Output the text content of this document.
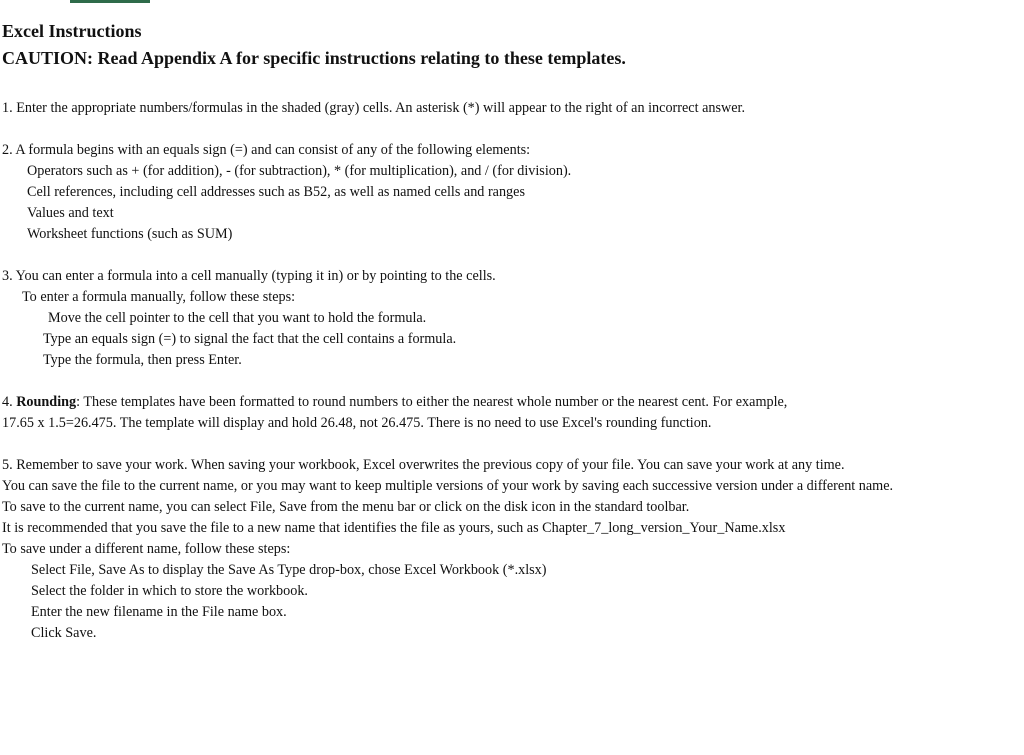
Excel Instructions
CAUTION: Read Appendix A for specific instructions relating to these templates.
1. Enter the appropriate numbers/formulas in the shaded (gray) cells. An asterisk (*) will appear to the right of an incorrect answer.
2. A formula begins with an equals sign (=) and can consist of any of the following elements:
Operators such as + (for addition), - (for subtraction), * (for multiplication), and / (for division).
Cell references, including cell addresses such as B52, as well as named cells and ranges
Values and text
Worksheet functions (such as SUM)
3. You can enter a formula into a cell manually (typing it in) or by pointing to the cells.
To enter a formula manually, follow these steps:
Move the cell pointer to the cell that you want to hold the formula.
Type an equals sign (=) to signal the fact that the cell contains a formula.
Type the formula, then press Enter.
4. Rounding: These templates have been formatted to round numbers to either the nearest whole number or the nearest cent. For example,
17.65 x 1.5=26.475. The template will display and hold 26.48, not 26.475. There is no need to use Excel's rounding function.
5. Remember to save your work. When saving your workbook, Excel overwrites the previous copy of your file. You can save your work at any time.
You can save the file to the current name, or you may want to keep multiple versions of your work by saving each successive version under a different name.
To save to the current name, you can select File, Save from the menu bar or click on the disk icon in the standard toolbar.
It is recommended that you save the file to a new name that identifies the file as yours, such as Chapter_7_long_version_Your_Name.xlsx
To save under a different name, follow these steps:
Select File, Save As to display the Save As Type drop-box, chose Excel Workbook (*.xlsx)
Select the folder in which to store the workbook.
Enter the new filename in the File name box.
Click Save.
